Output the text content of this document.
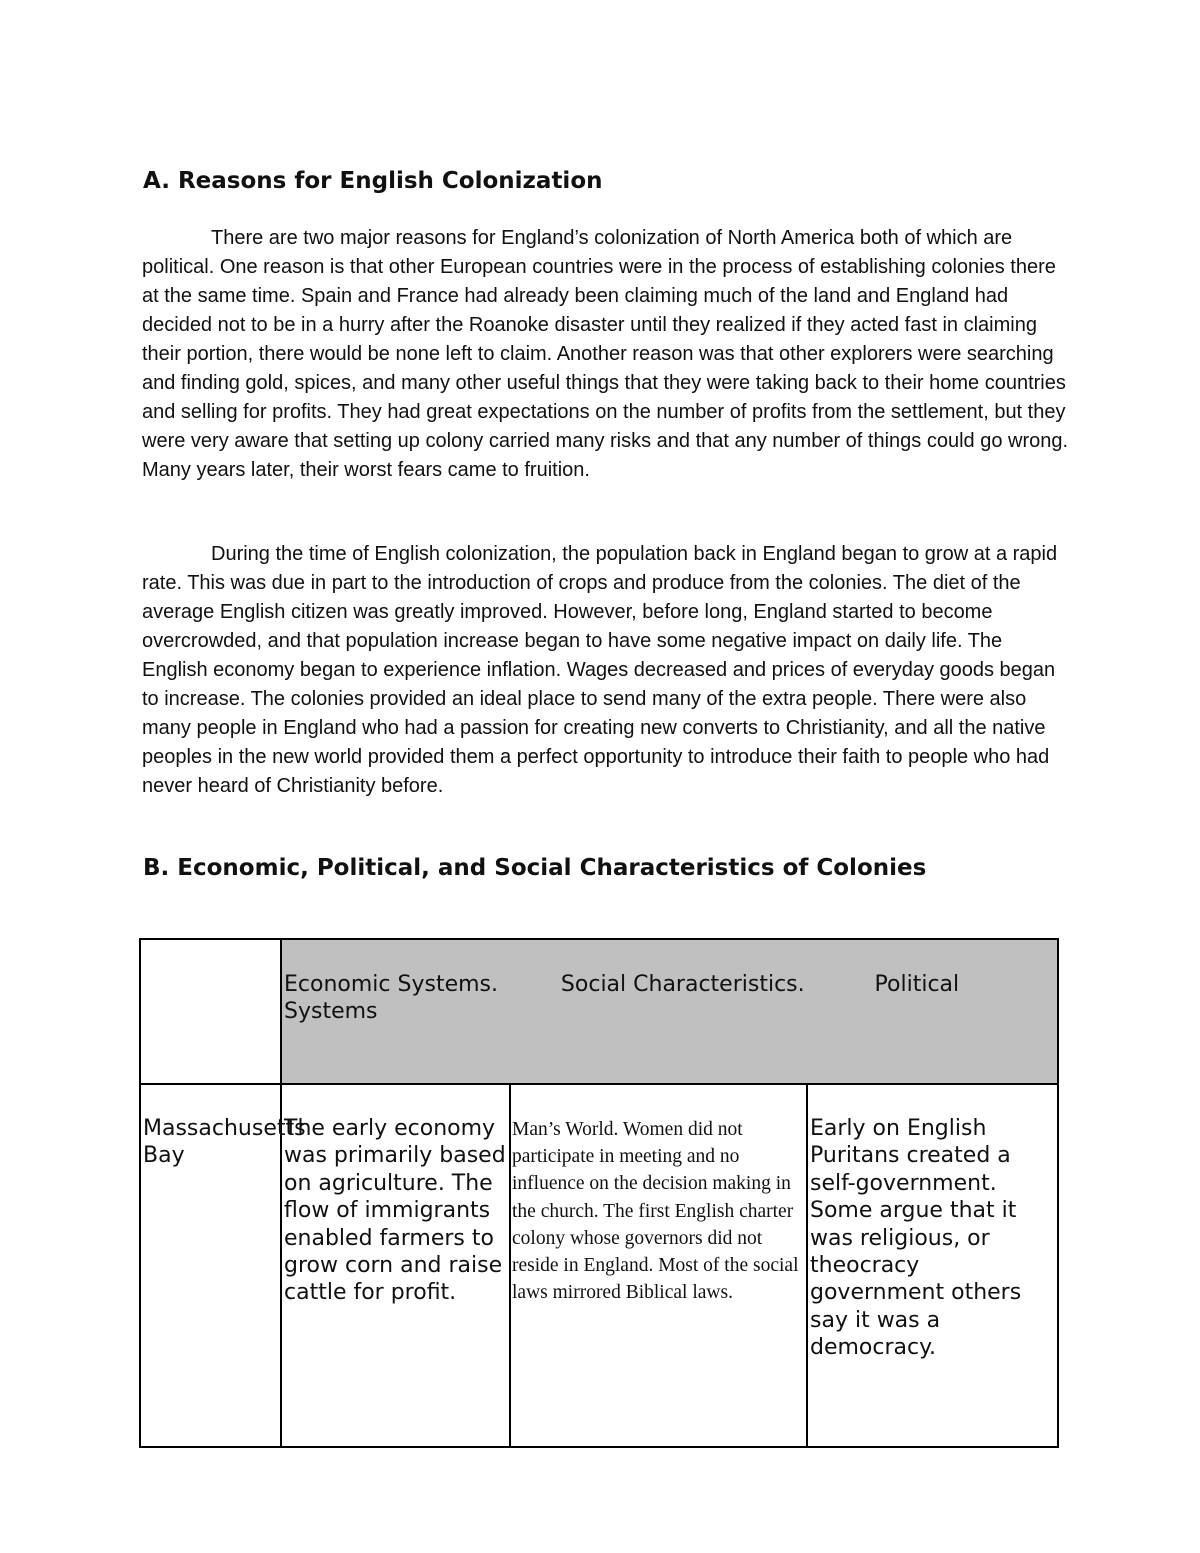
A. Reasons for English Colonization

There are two major reasons for England’s colonization of North America both of which are political. One reason is that other European countries were in the process of establishing colonies there at the same time. Spain and France had already been claiming much of the land and England had decided not to be in a hurry after the Roanoke disaster until they realized if they acted fast in claiming their portion, there would be none left to claim. Another reason was that other explorers were searching and finding gold, spices, and many other useful things that they were taking back to their home countries and selling for profits. They had great expectations on the number of profits from the settlement, but they were very aware that setting up colony carried many risks and that any number of things could go wrong. Many years later, their worst fears came to fruition.

During the time of English colonization, the population back in England began to grow at a rapid rate. This was due in part to the introduction of crops and produce from the colonies. The diet of the average English citizen was greatly improved. However, before long, England started to become overcrowded, and that population increase began to have some negative impact on daily life. The English economy began to experience inflation. Wages decreased and prices of everyday goods began to increase. The colonies provided an ideal place to send many of the extra people. There were also many people in England who had a passion for creating new converts to Christianity, and all the native peoples in the new world provided them a perfect opportunity to introduce their faith to people who had never heard of Christianity before.

B. Economic, Political, and Social Characteristics of Colonies
	Economic Systems.         Social Characteristics.          Political Systems		
Massachusetts Bay	The early economy was primarily based on agriculture. The flow of immigrants enabled farmers to grow corn and raise cattle for profit.	Man’s World. Women did not participate in meeting and no influence on the decision making in the church. The first English charter colony whose governors did not reside in England. Most of the social laws mirrored Biblical laws.	Early on English Puritans created a self-government. Some argue that it was religious, or theocracy government others say it was a democracy.
